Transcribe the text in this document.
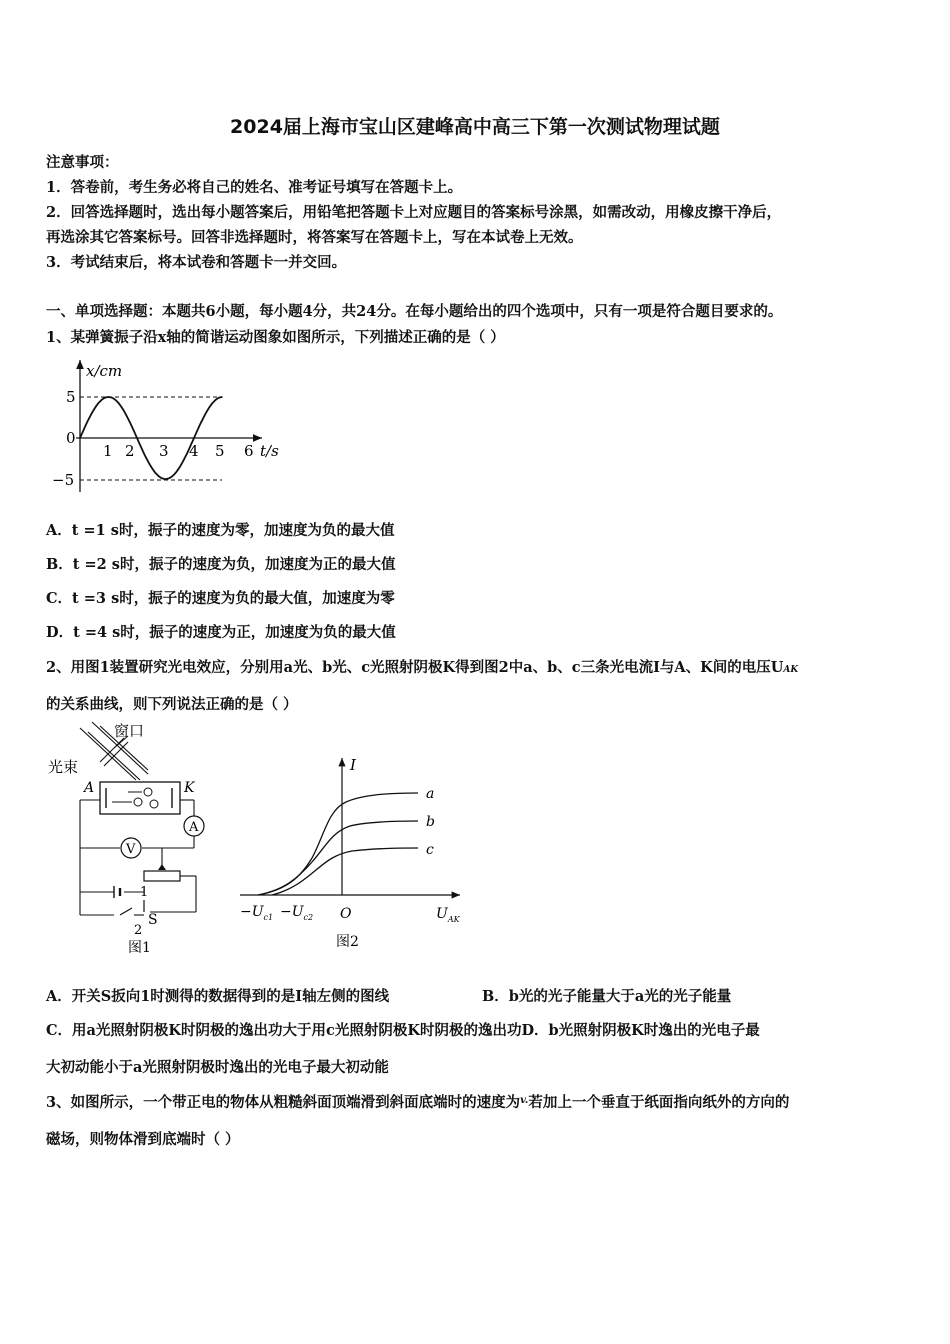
2024届上海市宝山区建峰高中高三下第一次测试物理试题
注意事项：
1．答卷前，考生务必将自己的姓名、准考证号填写在答题卡上。
2．回答选择题时，选出每小题答案后，用铅笔把答题卡上对应题目的答案标号涂黑，如需改动，用橡皮擦干净后，
再选涂其它答案标号。回答非选择题时，将答案写在答题卡上，写在本试卷上无效。
3．考试结束后，将本试卷和答题卡一并交回。
一、单项选择题：本题共6小题，每小题4分，共24分。在每小题给出的四个选项中，只有一项是符合题目要求的。
1、某弹簧振子沿x轴的简谐运动图象如图所示，下列描述正确的是（ ）
x/cm
5
0
−5
1 2 3 4 5 6 t/s
A．t =1 s时，振子的速度为零，加速度为负的最大值
B．t =2 s时，振子的速度为负，加速度为正的最大值
C．t =3 s时，振子的速度为负的最大值，加速度为零
D．t =4 s时，振子的速度为正，加速度为负的最大值
2、用图1装置研究光电效应，分别用a光、b光、c光照射阴极K得到图2中a、b、c三条光电流I与A、K间的电压UAK
的关系曲线，则下列说法正确的是（ ）
窗口
光束
A	K
A
V
1
S
2
图1
I
a
b
c
$-U_{c1} -U_{c2}$ O	$U_{AK}$
图2
A．开关S扳向1时测得的数据得到的是I轴左侧的图线	B．b光的光子能量大于a光的光子能量
C．用a光照射阴极K时阴极的逸出功大于用c光照射阴极K时阴极的逸出功D．b光照射阴极K时逸出的光电子最
大初动能小于a光照射阴极时逸出的光电子最大初动能
3、如图所示，一个带正电的物体从粗糙斜面顶端滑到斜面底端时的速度为$^{v.}$若加上一个垂直于纸面指向纸外的方向的
磁场，则物体滑到底端时（ ）
